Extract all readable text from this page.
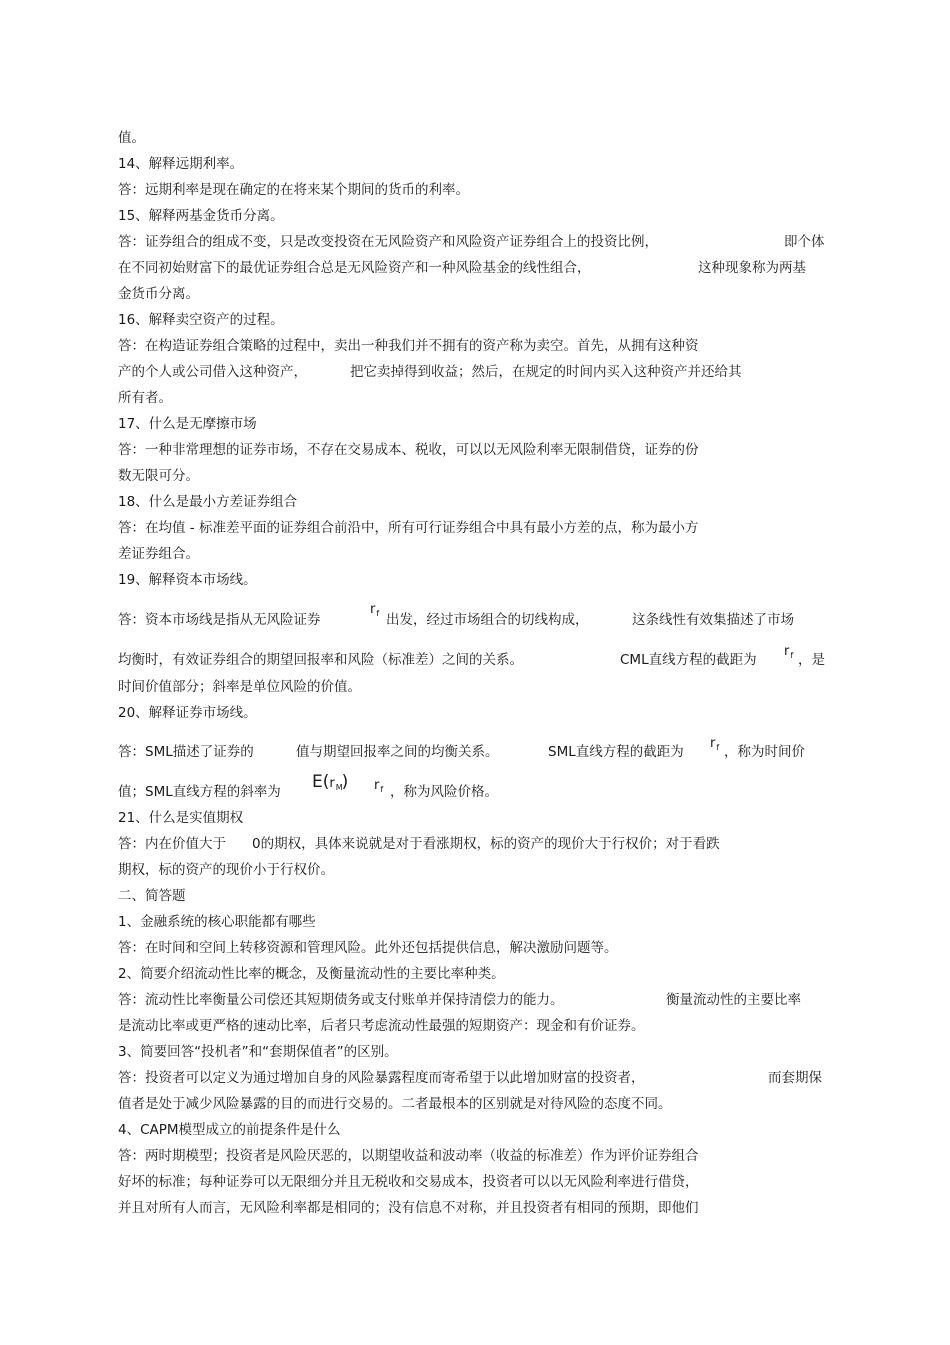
值。
14、解释远期利率。
答：远期利率是现在确定的在将来某个期间的货币的利率。
15、解释两基金货币分离。
答：证券组合的组成不变，只是改变投资在无风险资产和风险资产证券组合上的投资比例，	即个体
在不同初始财富下的最优证券组合总是无风险资产和一种风险基金的线性组合，	这种现象称为两基
金货币分离。
16、解释卖空资产的过程。
答：在构造证券组合策略的过程中，卖出一种我们并不拥有的资产称为卖空。首先，从拥有这种资
产的个人或公司借入这种资产，	把它卖掉得到收益；然后，在规定的时间内买入这种资产并还给其
所有者。
17、什么是无摩擦市场
答：一种非常理想的证券市场，不存在交易成本、税收，可以以无风险利率无限制借贷，证券的份
数无限可分。
18、什么是最小方差证券组合
答：在均值 - 标准差平面的证券组合前沿中，所有可行证券组合中具有最小方差的点，称为最小方
差证券组合。
19、解释资本市场线。
答：资本市场线是指从无风险证券
$r_f$ 出发，经过市场组合的切线构成，	这条线性有效集描述了市场
均衡时，有效证券组合的期望回报率和风险（标准差）之间的关系。	CML直线方程的截距为
$r_f$ ，是
时间价值部分；斜率是单位风险的价值。
20、解释证券市场线。
答：SML描述了证券的	值与期望回报率之间的均衡关系。	SML直线方程的截距为
$r_f$ ，称为时间价
值；SML直线方程的斜率为 E(rM) $r_f$ ，称为风险价格。
21、什么是实值期权
答：内在价值大于 0的期权，具体来说就是对于看涨期权，标的资产的现价大于行权价；对于看跌
期权，标的资产的现价小于行权价。
二、简答题
1、金融系统的核心职能都有哪些
答：在时间和空间上转移资源和管理风险。此外还包括提供信息，解决激励问题等。
2、简要介绍流动性比率的概念，及衡量流动性的主要比率种类。
答：流动性比率衡量公司偿还其短期债务或支付账单并保持清偿力的能力。	衡量流动性的主要比率
是流动比率或更严格的速动比率，后者只考虑流动性最强的短期资产：现金和有价证券。
3、简要回答“投机者”和“套期保值者”的区别。
答：投资者可以定义为通过增加自身的风险暴露程度而寄希望于以此增加财富的投资者，	而套期保
值者是处于减少风险暴露的目的而进行交易的。二者最根本的区别就是对待风险的态度不同。
4、CAPM模型成立的前提条件是什么
答：两时期模型；投资者是风险厌恶的，以期望收益和波动率（收益的标准差）作为评价证券组合
好坏的标准；每种证券可以无限细分并且无税收和交易成本，投资者可以以无风险利率进行借贷，
并且对所有人而言，无风险利率都是相同的；没有信息不对称，并且投资者有相同的预期，即他们
